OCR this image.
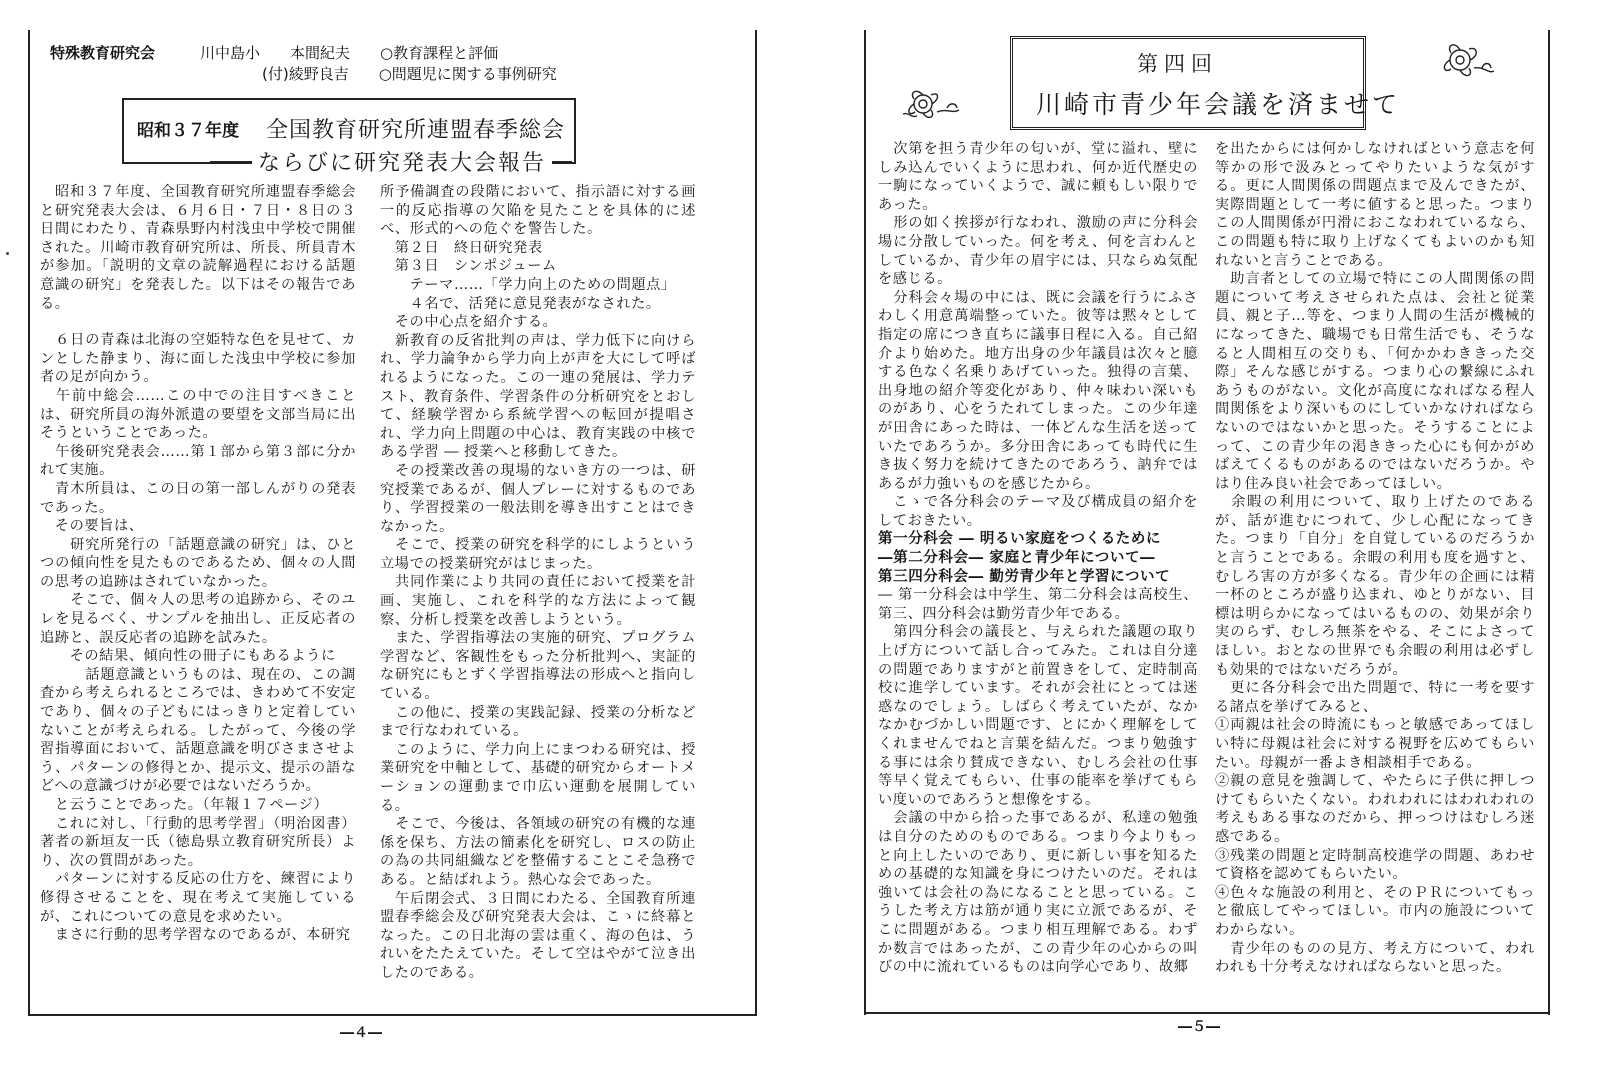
特殊教育研究会	川中島小　　本間紀夫　　○教育課程と評価
(付)綾野良吉　　○問題児に関する事例研究
昭和３７年度 全国教育研究所連盟春季総会
ならびに研究発表大会報告

　昭和３７年度、全国教育研究所連盟春季総会と研究発表大会は、６月６日・７日・８日の３日間にわたり、青森県野内村浅虫中学校で開催された。川崎市教育研究所は、所長、所員青木が参加。「説明的文章の読解過程における話題意識の研究」を発表した。以下はその報告である。

　６日の青森は北海の空姫特な色を見せて、カンとした静まり、海に面した浅虫中学校に参加者の足が向かう。

　午前中総会……この中での注目すべきことは、研究所員の海外派遣の要望を文部当局に出そうということであった。

　午後研究発表会……第１部から第３部に分かれて実施。

　青木所員は、この日の第一部しんがりの発表であった。

　その要旨は、

　　研究所発行の「話題意識の研究」は、ひとつの傾向性を見たものであるため、個々の人間の思考の追跡はされていなかった。

　　そこで、個々人の思考の追跡から、そのユレを見るべく、サンプルを抽出し、正反応者の追跡と、誤反応者の追跡を試みた。

　　その結果、傾向性の冊子にもあるように

　　　話題意識というものは、現在の、この調査から考えられるところでは、きわめて不安定であり、個々の子どもにはっきりと定着していないことが考えられる。したがって、今後の学習指導面において、話題意識を明びさまさせよう、パターンの修得とか、提示文、提示の語などへの意識づけが必要ではないだろうか。

　と云うことであった。（年報１７ページ）

　これに対し、「行動的思考学習」（明治図書）著者の新垣友一氏（徳島県立教育研究所長）より、次の質問があった。

　パターンに対する反応の仕方を、練習により修得させることを、現在考えて実施しているが、これについての意見を求めたい。

　まさに行動的思考学習なのであるが、本研究

所予備調査の段階において、指示語に対する画一的反応指導の欠陥を見たことを具体的に述べ、形式的への危ぐを警告した。

　第２日　終日研究発表

　第３日　シンポジューム

　　テーマ……「学力向上のための問題点」

　　４名で、活発に意見発表がなされた。

　その中心点を紹介する。

　新教育の反省批判の声は、学力低下に向けられ、学力論争から学力向上が声を大にして呼ばれるようになった。この一連の発展は、学力テスト、教育条件、学習条件の分析研究をとおして、経験学習から系統学習への転回が提唱され、学力向上問題の中心は、教育実践の中核である学習 ― 授業へと移動してきた。

　その授業改善の現場的ないき方の一つは、研究授業であるが、個人プレーに対するものであり、学習授業の一般法則を導き出すことはできなかった。

　そこで、授業の研究を科学的にしようという立場での授業研究がはじまった。

　共同作業により共同の責任において授業を計画、実施し、これを科学的な方法によって観察、分析し授業を改善しようという。

　また、学習指導法の実施的研究、プログラム学習など、客観性をもった分析批判へ、実証的な研究にもとずく学習指導法の形成へと指向している。

　この他に、授業の実践記録、授業の分析などまで行なわれている。

　このように、学力向上にまつわる研究は、授業研究を中軸として、基礎的研究からオートメーションの運動まで巾広い運動を展開している。

　そこで、今後は、各領域の研究の有機的な連係を保ち、方法の簡素化を研究し、ロスの防止の為の共同組織などを整備することこそ急務である。と結ばれよう。熱心な会であった。

　午后閉会式、３日間にわたる、全国教育所連盟春季総会及び研究発表大会は、こゝに終幕となった。この日北海の雲は重く、海の色は、うれいをたたえていた。そして空はやがて泣き出したのである。

―４―
第四回
川崎市青少年会議を済ませて

　次第を担う青少年の匂いが、堂に溢れ、壁にしみ込んでいくように思われ、何か近代歴史の一駒になっていくようで、誠に頼もしい限りであった。

　形の如く挨拶が行なわれ、激励の声に分科会場に分散していった。何を考え、何を言わんとしているか、青少年の眉宇には、只ならぬ気配を感じる。

　分科会々場の中には、既に会議を行うにふさわしく用意萬端整っていた。彼等は黙々として指定の席につき直ちに議事日程に入る。自己紹介より始めた。地方出身の少年議員は次々と臆する色なく名乗りあげていった。独得の言葉、出身地の紹介等変化があり、仲々味わい深いものがあり、心をうたれてしまった。この少年達が田舎にあった時は、一体どんな生活を送っていたであろうか。多分田舎にあっても時代に生き抜く努力を続けてきたのであろう、訥弁ではあるが力強いものを感じたから。

　こゝで各分科会のテーマ及び構成員の紹介をしておきたい。

第一分科会 ― 明るい家庭をつくるために

―第二分科会― 家庭と青少年について―

第三四分科会― 勤労青少年と学習について

― 第一分科会は中学生、第二分科会は高校生、第三、四分科会は勤労青少年である。

　第四分科会の議長と、与えられた議題の取り上げ方について話し合ってみた。これは自分達の問題でありますがと前置きをして、定時制高校に進学しています。それが会社にとっては迷惑なのでしょう。しばらく考えていたが、なかなかむづかしい問題です、とにかく理解をしてくれませんでねと言葉を結んだ。つまり勉強する事には余り賛成できない、むしろ会社の仕事等早く覚えてもらい、仕事の能率を挙げてもらい度いのであろうと想像をする。

　会議の中から拾った事であるが、私達の勉強は自分のためのものである。つまり今よりもっと向上したいのであり、更に新しい事を知るための基礎的な知識を身につけたいのだ。それは強いては会社の為になることと思っている。こうした考え方は筋が通り実に立派であるが、そこに問題がある。つまり相互理解である。わずか数言ではあったが、この青少年の心からの叫びの中に流れているものは向学心であり、故郷

を出たからには何かしなければという意志を何等かの形で汲みとってやりたいような気がする。更に人間関係の問題点まで及んできたが、実際問題として一考に値すると思った。つまりこの人間関係が円滑におこなわれているなら、この問題も特に取り上げなくてもよいのかも知れないと言うことである。

　助言者としての立場で特にこの人間関係の問題について考えさせられた点は、会社と従業員、親と子…等を、つまり人間の生活が機械的になってきた、職場でも日常生活でも、そうなると人間相互の交りも、「何かかわききった交際」そんな感じがする。つまり心の繋線にふれあうものがない。文化が高度になればなる程人間関係をより深いものにしていかなければならないのではないかと思った。そうすることによって、この青少年の渇ききった心にも何かがめばえてくるものがあるのではないだろうか。やはり住み良い社会であってほしい。

　余暇の利用について、取り上げたのであるが、話が進むにつれて、少し心配になってきた。つまり「自分」を自覚しているのだろうかと言うことである。余暇の利用も度を過すと、むしろ害の方が多くなる。青少年の企画には精一杯のところが盛り込まれ、ゆとりがない、目標は明らかになってはいるものの、効果が余り実のらず、むしろ無茶をやる、そこによさってほしい。おとなの世界でも余暇の利用は必ずしも効果的ではないだろうが。

　更に各分科会で出た問題で、特に一考を要する諸点を挙げてみると、

①両親は社会の時流にもっと敏感であってほしい特に母親は社会に対する視野を広めてもらいたい。母親が一番よき相談相手である。

②親の意見を強調して、やたらに子供に押しつけてもらいたくない。われわれにはわれわれの考えもある事なのだから、押っつけはむしろ迷惑である。

③残業の問題と定時制高校進学の問題、あわせて資格を認めてもらいたい。

④色々な施設の利用と、そのＰＲについてもっと徹底してやってほしい。市内の施設についてわからない。

　青少年のものの見方、考え方について、われわれも十分考えなければならないと思った。

―５―
